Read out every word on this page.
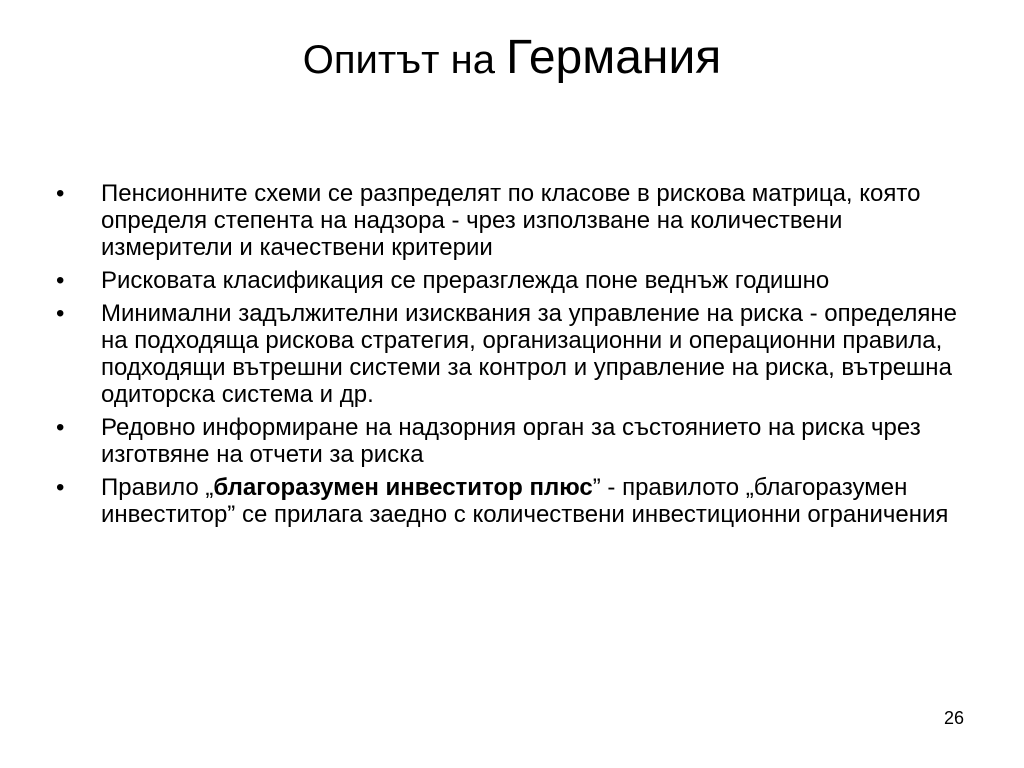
Опитът на Германия
•	Пенсионните схеми се разпределят по класове в рискова матрица, която определя степента на надзора - чрез използване на количествени измерители и качествени критерии
•	Рисковата класификация се преразглежда поне веднъж годишно
•	Минимални задължителни изисквания за управление на риска - определяне на подходяща рискова стратегия, организационни и операционни правила, подходящи вътрешни системи за контрол и управление на риска, вътрешна одиторска система и др.
•	Редовно информиране на надзорния орган за състоянието на риска чрез изготвяне на отчети за риска
•	Правило „благоразумен инвеститор плюс” - правилото „благоразумен инвеститор” се прилага заедно с количествени инвестиционни ограничения
26
